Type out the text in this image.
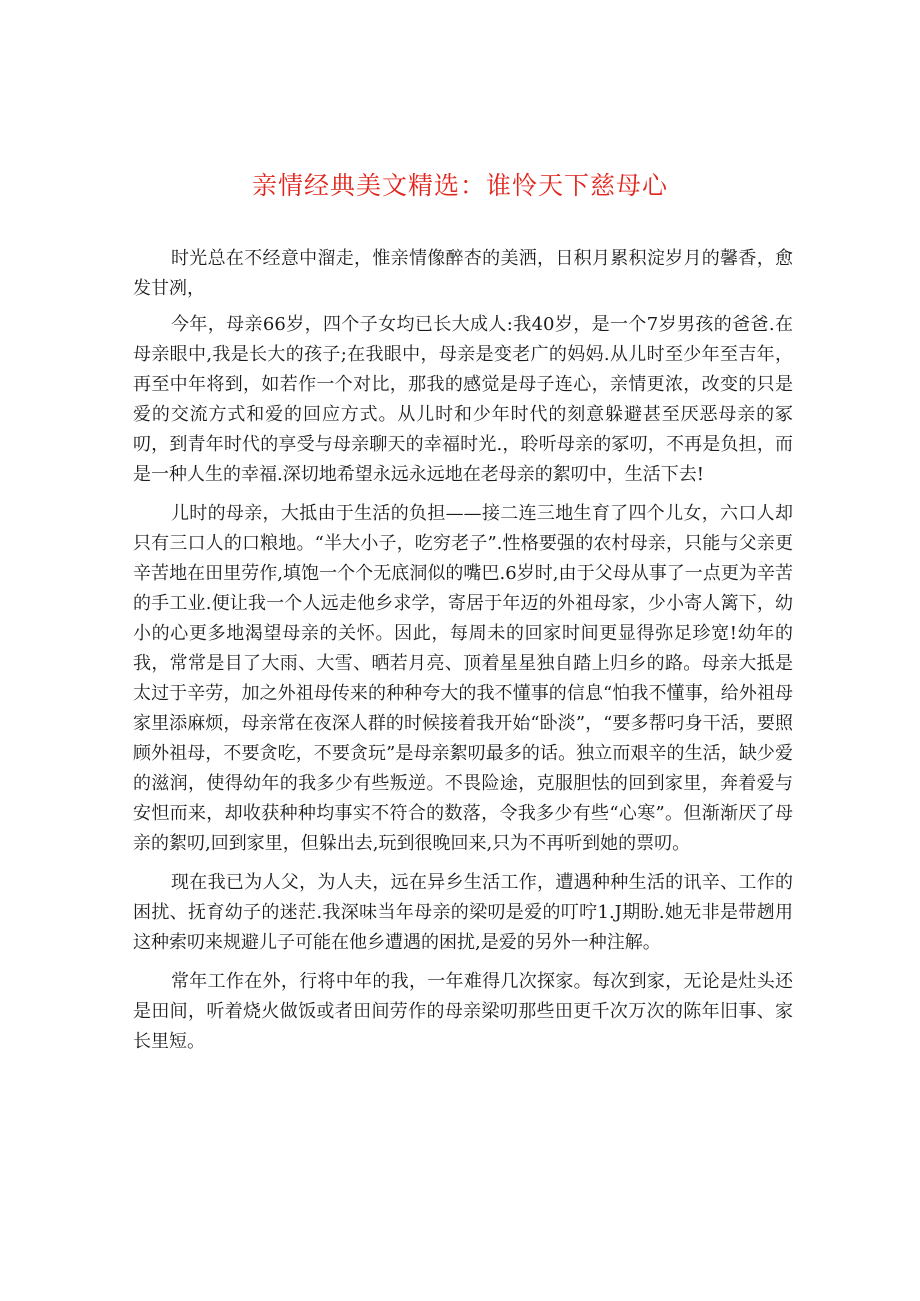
亲情经典美文精选：谁怜天下慈母心

时光总在不经意中溜走，惟亲情像醉杏的美洒，日积月累积淀岁月的馨香，愈发甘冽，

今年，母亲66岁，四个子女均已长大成人:我40岁，是一个7岁男孩的爸爸.在母亲眼中,我是长大的孩子;在我眼中，母亲是变老广的妈妈.从儿时至少年至吉年，再至中年将到，如若作一个对比，那我的感觉是母子连心，亲情更浓，改变的只是爱的交流方式和爱的回应方式。从儿时和少年时代的刻意躲避甚至厌恶母亲的冢叨，到青年时代的享受与母亲聊天的幸福时光.，聆听母亲的冢叨，不再是负担，而是一种人生的幸福.深切地希望永远永远地在老母亲的絮叨中，生活下去!

儿时的母亲，大抵由于生活的负担——接二连三地生育了四个儿女，六口人却只有三口人的口粮地。“半大小子，吃穷老子”.性格要强的农村母亲，只能与父亲更辛苦地在田里劳作,填饱一个个无底洞似的嘴巴.6岁时,由于父母从事了一点更为辛苦的手工业.便让我一个人远走他乡求学，寄居于年迈的外祖母家，少小寄人篱下，幼小的心更多地渴望母亲的关怀。因此，每周未的回家时间更显得弥足珍宽!幼年的我，常常是目了大雨、大雪、晒若月亮、顶着星星独自踏上归乡的路。母亲大抵是太过于辛劳，加之外祖母传来的种种夸大的我不懂事的信息“怕我不懂事，给外祖母家里添麻烦，母亲常在夜深人群的时候接着我开始“卧淡”，“要多帮叼身干活，要照顾外祖母，不要贪吃，不要贪玩”是母亲絮叨最多的话。独立而艰辛的生活，缺少爱的滋润，使得幼年的我多少有些叛逆。不畏险途，克服胆怯的回到家里，奔着爱与安怛而来，却收获种种均事实不符合的数落，令我多少有些“心寒”。但渐渐厌了母亲的絮叨,回到家里，但躲出去,玩到很晚回来,只为不再听到她的票叨。

现在我已为人父，为人夫，远在异乡生活工作，遭遇种种生活的讯辛、工作的困扰、抚育幼子的迷茫.我深味当年母亲的梁叨是爱的叮咛1.J期盼.她无非是带趔用这种索叨来规避儿子可能在他乡遭遇的困扰,是爱的另外一种注解。

常年工作在外，行将中年的我，一年难得几次探家。每次到家，无论是灶头还是田间，听着烧火做饭或者田间劳作的母亲梁叨那些田更千次万次的陈年旧事、家长里短。
